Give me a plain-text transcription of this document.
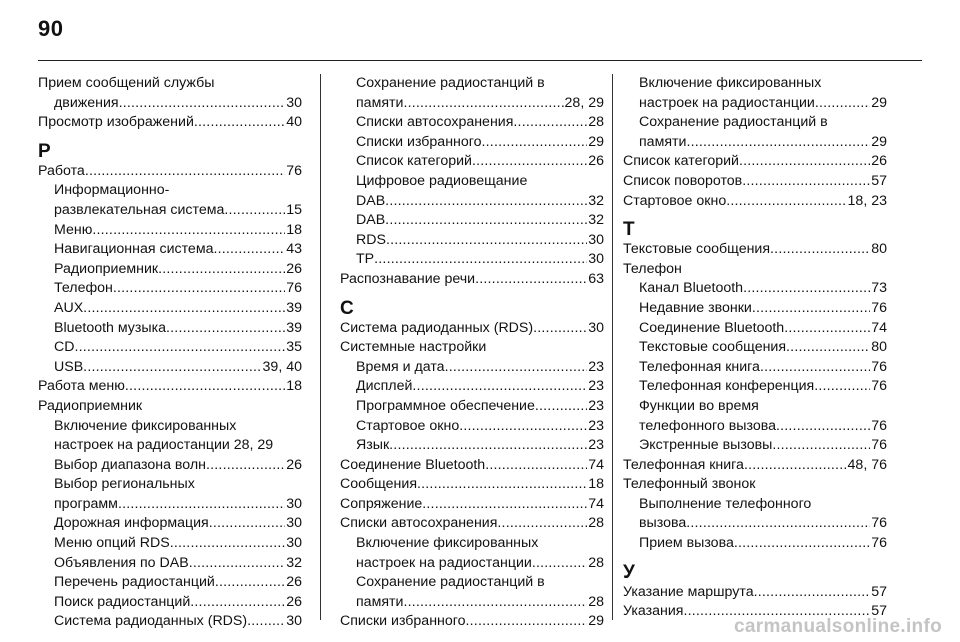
90
Прием сообщений службы
движения .....	30
Просмотр изображений .....	40
Р
Работа .....	76
Информационно-
развлекательная система .....	15
Меню .....	18
Навигационная система .....	43
Радиоприемник .....	26
Телефон .....	76
AUX .....	39
Bluetooth музыка .....	39
CD .....	35
USB .....	39, 40
Работа меню .....	18
Радиоприемник
Включение фиксированных
настроек на радиостанции 28, 29
Выбор диапазона волн .....	26
Выбор региональных
программ .....	30
Дорожная информация .....	30
Меню опций RDS .....	30
Объявления по DAB .....	32
Перечень радиостанций .....	26
Поиск радиостанций .....	26
Система радиоданных (RDS) .....	30
Сохранение радиостанций в
памяти .....	28, 29
Списки автосохранения .....	28
Списки избранного .....	29
Список категорий .....	26
Цифровое радиовещание
DAB .....	32
DAB .....	32
RDS .....	30
TP .....	30
Распознавание речи .....	63
С
Система радиоданных (RDS) .....	30
Системные настройки
Время и дата .....	23
Дисплей .....	23
Программное обеспечение .....	23
Стартовое окно .....	23
Язык .....	23
Соединение Bluetooth .....	74
Сообщения .....	18
Сопряжение .....	74
Списки автосохранения .....	28
Включение фиксированных
настроек на радиостанции .....	28
Сохранение радиостанций в
памяти .....	28
Списки избранного .....	29
Включение фиксированных
настроек на радиостанции .....	29
Сохранение радиостанций в
памяти .....	29
Список категорий .....	26
Список поворотов .....	57
Стартовое окно .....	18, 23
Т
Текстовые сообщения .....	80
Телефон
Канал Bluetooth .....	73
Недавние звонки .....	76
Соединение Bluetooth .....	74
Текстовые сообщения .....	80
Телефонная книга .....	76
Телефонная конференция .....	76
Функции во время
телефонного вызова .....	76
Экстренные вызовы .....	76
Телефонная книга .....	48, 76
Телефонный звонок
Выполнение телефонного
вызова .....	76
Прием вызова .....	76
У
Указание маршрута .....	57
Указания .....	57
carmanualsonline.info
